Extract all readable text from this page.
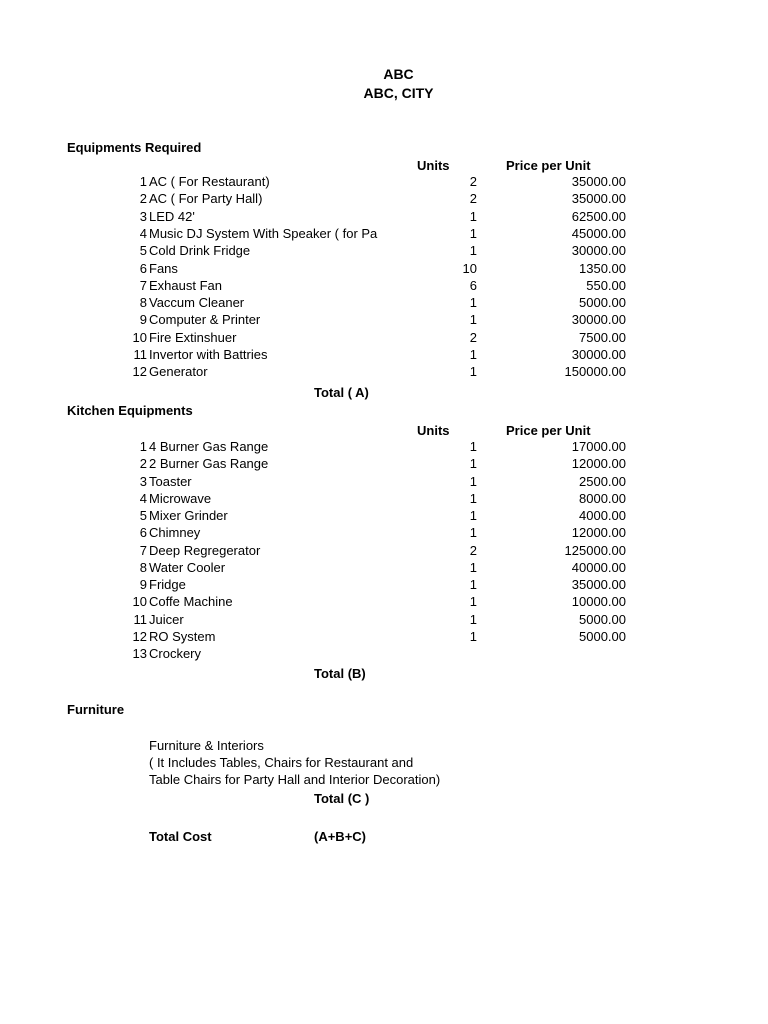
ABC
ABC, CITY
Equipments Required
Units	Price per Unit
1 AC ( For Restaurant)	2	35000.00
2 AC ( For Party Hall)	2	35000.00
3 LED 42'	1	62500.00
4 Music DJ System With Speaker ( for Pa	1	45000.00
5 Cold Drink Fridge	1	30000.00
6 Fans	10	1350.00
7 Exhaust Fan	6	550.00
8 Vaccum Cleaner	1	5000.00
9 Computer & Printer	1	30000.00
10 Fire Extinshuer	2	7500.00
11 Invertor with Battries	1	30000.00
12 Generator	1	150000.00
Total ( A)
Kitchen Equipments
Units	Price per Unit
1 4 Burner Gas Range	1	17000.00
2 2 Burner Gas Range	1	12000.00
3 Toaster	1	2500.00
4 Microwave	1	8000.00
5 Mixer Grinder	1	4000.00
6 Chimney	1	12000.00
7 Deep Regregerator	2	125000.00
8 Water Cooler	1	40000.00
9 Fridge	1	35000.00
10 Coffe Machine	1	10000.00
11 Juicer	1	5000.00
12 RO System	1	5000.00
13 Crockery
Total (B)
Furniture
Furniture & Interiors
( It Includes Tables, Chairs for Restaurant and
Table Chairs for Party Hall and Interior Decoration)
Total (C )
Total Cost	(A+B+C)
